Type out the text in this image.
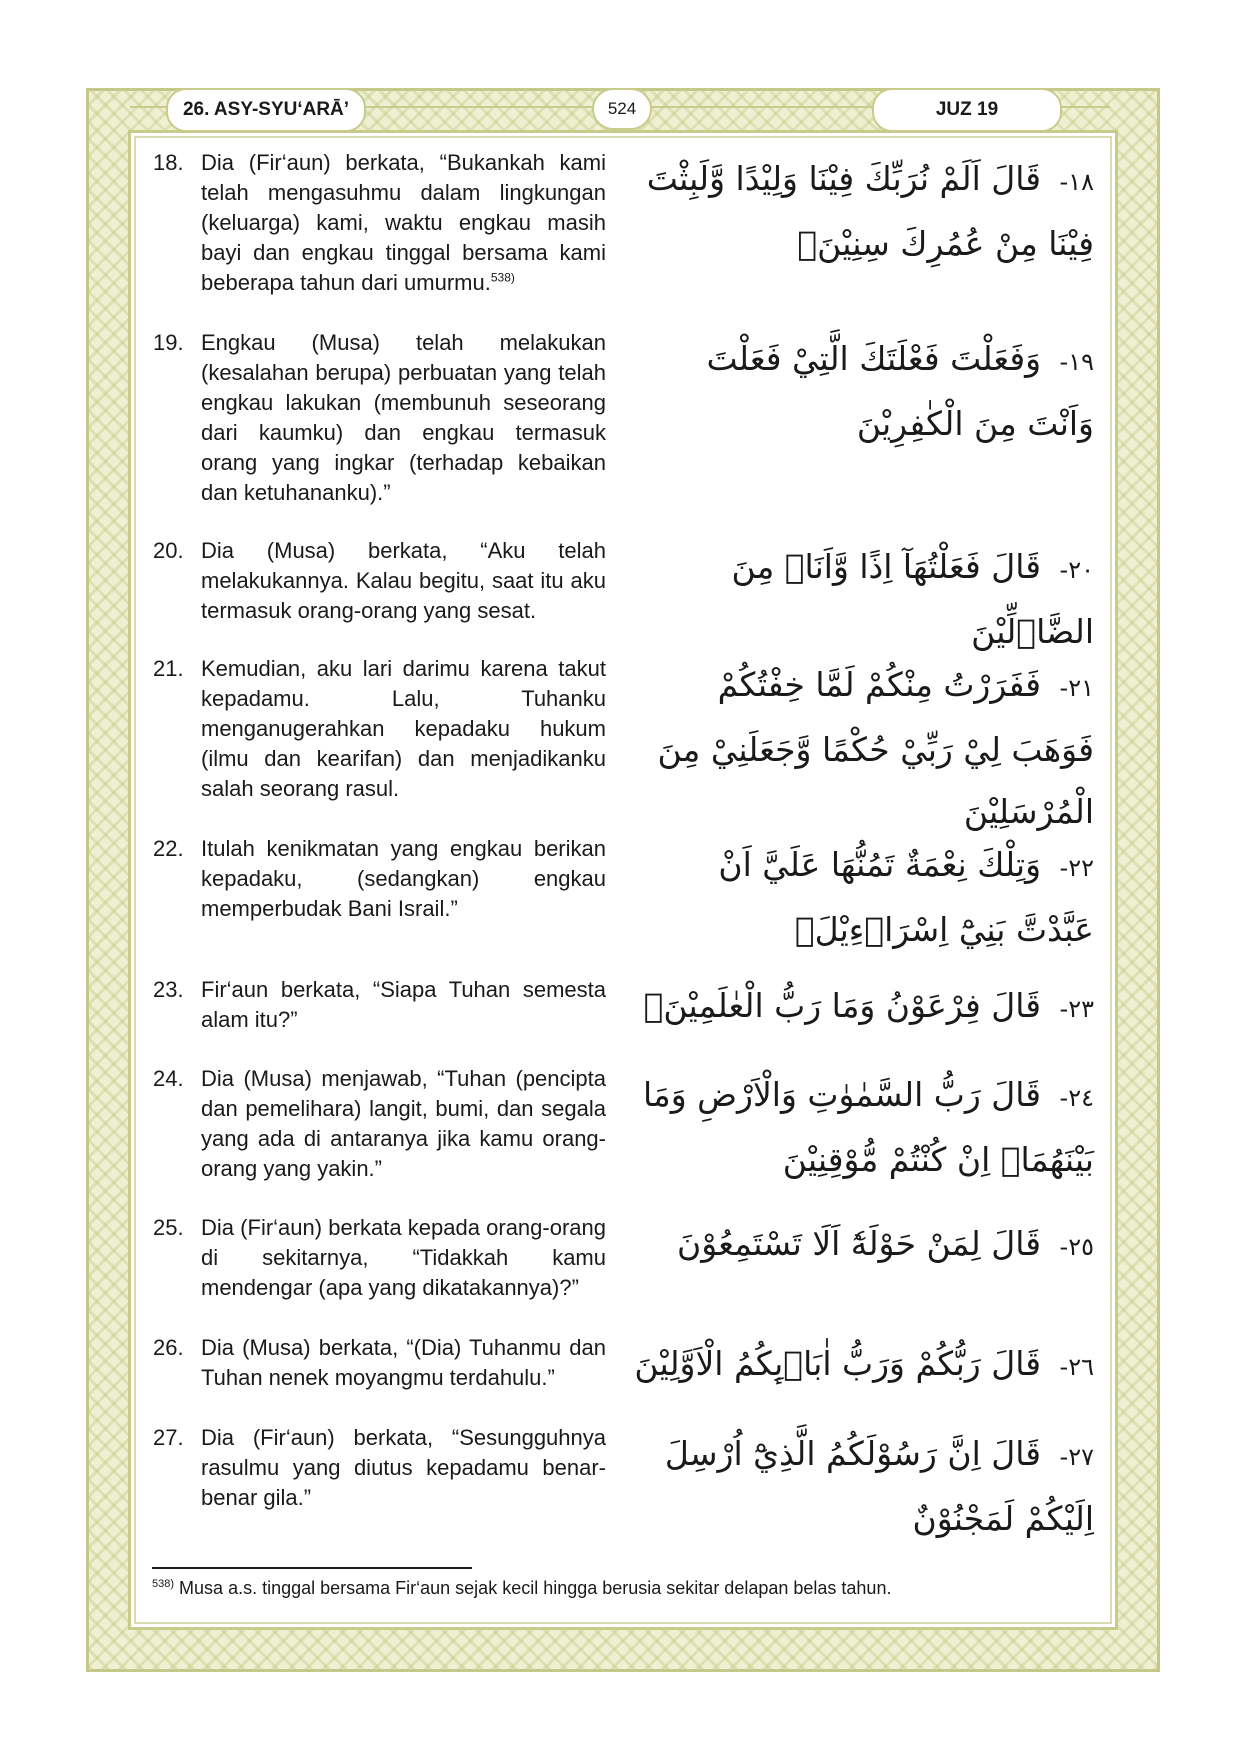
26. ASY-SYU‘ARĀ’	524	JUZ 19
18. Dia (Fir‘aun) berkata, “Bukankah kami telah mengasuhmu dalam lingkungan (keluarga) kami, waktu engkau masih bayi dan engkau tinggal bersama kami beberapa tahun dari umurmu.$^{538)}$
١٨- قَالَ اَلَمْ نُرَبِّكَ فِيْنَا وَلِيْدًا وَّلَبِثْتَ فِيْنَا مِنْ عُمُرِكَ سِنِيْنَۙ
19. Engkau (Musa) telah melakukan (kesalahan berupa) perbuatan yang telah engkau lakukan (membunuh seseorang dari kaumku) dan engkau termasuk orang yang ingkar (terhadap kebaikan dan ketuhananku).”
١٩- وَفَعَلْتَ فَعْلَتَكَ الَّتِيْ فَعَلْتَ وَاَنْتَ مِنَ الْكٰفِرِيْنَ
20. Dia (Musa) berkata, “Aku telah melakukannya. Kalau begitu, saat itu aku termasuk orang-orang yang sesat.
٢٠- قَالَ فَعَلْتُهَآ اِذًا وَّاَنَا۠ مِنَ الضَّاۤلِّيْنَ
21. Kemudian, aku lari darimu karena takut kepadamu. Lalu, Tuhanku menganugerahkan kepadaku hukum (ilmu dan kearifan) dan menjadikanku salah seorang rasul.
٢١- فَفَرَرْتُ مِنْكُمْ لَمَّا خِفْتُكُمْ فَوَهَبَ لِيْ رَبِّيْ حُكْمًا وَّجَعَلَنِيْ مِنَ الْمُرْسَلِيْنَ
22. Itulah kenikmatan yang engkau berikan kepadaku, (sedangkan) engkau memperbudak Bani Israil.”
٢٢- وَتِلْكَ نِعْمَةٌ تَمُنُّهَا عَلَيَّ اَنْ عَبَّدْتَّ بَنِيْٓ اِسْرَاۤءِيْلَۗ
23. Fir‘aun berkata, “Siapa Tuhan semesta alam itu?”	٢٣- قَالَ فِرْعَوْنُ وَمَا رَبُّ الْعٰلَمِيْنَۗ
24. Dia (Musa) menjawab, “Tuhan (pencipta dan pemelihara) langit, bumi, dan segala yang ada di antaranya jika kamu orang-orang yang yakin.”
٢٤- قَالَ رَبُّ السَّمٰوٰتِ وَالْاَرْضِ وَمَا بَيْنَهُمَاۗ اِنْ كُنْتُمْ مُّوْقِنِيْنَ
25. Dia (Fir‘aun) berkata kepada orang-orang di sekitarnya, “Tidakkah kamu mendengar (apa yang dikatakannya)?”
٢٥- قَالَ لِمَنْ حَوْلَهٗٓ اَلَا تَسْتَمِعُوْنَ
26. Dia (Musa) berkata, “(Dia) Tuhanmu dan Tuhan nenek moyangmu terdahulu.”	٢٦- قَالَ رَبُّكُمْ وَرَبُّ اٰبَاۤىِٕكُمُ الْاَوَّلِيْنَ
27. Dia (Fir‘aun) berkata, “Sesungguhnya rasulmu yang diutus kepadamu benar-benar gila.”
٢٧- قَالَ اِنَّ رَسُوْلَكُمُ الَّذِيْٓ اُرْسِلَ اِلَيْكُمْ لَمَجْنُوْنٌ
$^{538)}$ Musa a.s. tinggal bersama Fir‘aun sejak kecil hingga berusia sekitar delapan belas tahun.
